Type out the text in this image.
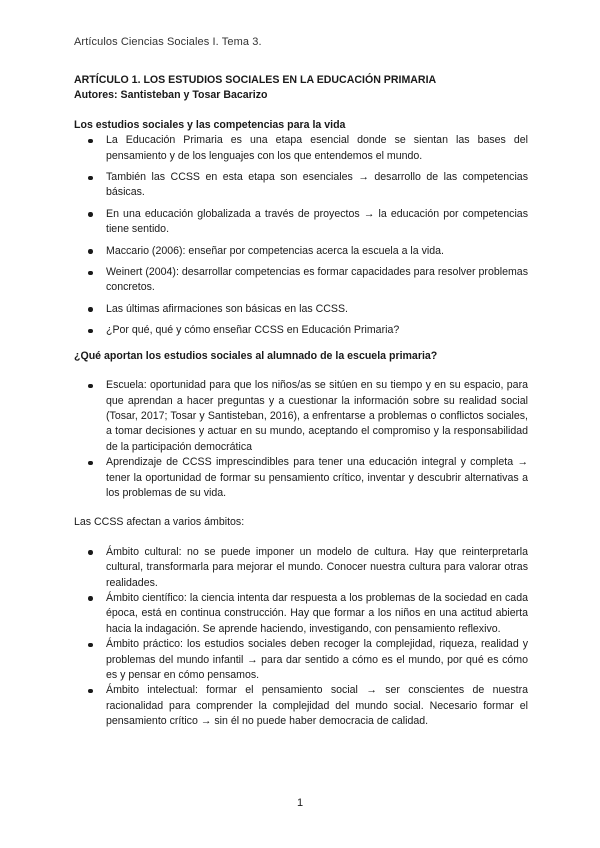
Artículos Ciencias Sociales I. Tema 3.
ARTÍCULO 1. LOS ESTUDIOS SOCIALES EN LA EDUCACIÓN PRIMARIA
Autores: Santisteban y Tosar Bacarizo
Los estudios sociales y las competencias para la vida
La Educación Primaria es una etapa esencial donde se sientan las bases del pensamiento y de los lenguajes con los que entendemos el mundo.
También las CCSS en esta etapa son esenciales → desarrollo de las competencias básicas.
En una educación globalizada a través de proyectos → la educación por competencias tiene sentido.
Maccario (2006): enseñar por competencias acerca la escuela a la vida.
Weinert (2004): desarrollar competencias es formar capacidades para resolver problemas concretos.
Las últimas afirmaciones son básicas en las CCSS.
¿Por qué, qué y cómo enseñar CCSS en Educación Primaria?
¿Qué aportan los estudios sociales al alumnado de la escuela primaria?
Escuela: oportunidad para que los niños/as se sitúen en su tiempo y en su espacio, para que aprendan a hacer preguntas y a cuestionar la información sobre su realidad social (Tosar, 2017; Tosar y Santisteban, 2016), a enfrentarse a problemas o conflictos sociales, a tomar decisiones y actuar en su mundo, aceptando el compromiso y la responsabilidad de la participación democrática
Aprendizaje de CCSS imprescindibles para tener una educación integral y completa → tener la oportunidad de formar su pensamiento crítico, inventar y descubrir alternativas a los problemas de su vida.
Las CCSS afectan a varios ámbitos:
Ámbito cultural: no se puede imponer un modelo de cultura. Hay que reinterpretarla cultural, transformarla para mejorar el mundo. Conocer nuestra cultura para valorar otras realidades.
Ámbito científico: la ciencia intenta dar respuesta a los problemas de la sociedad en cada época, está en continua construcción. Hay que formar a los niños en una actitud abierta hacia la indagación. Se aprende haciendo, investigando, con pensamiento reflexivo.
Ámbito práctico: los estudios sociales deben recoger la complejidad, riqueza, realidad y problemas del mundo infantil → para dar sentido a cómo es el mundo, por qué es cómo es y pensar en cómo pensamos.
Ámbito intelectual: formar el pensamiento social → ser conscientes de nuestra racionalidad para comprender la complejidad del mundo social. Necesario formar el pensamiento crítico → sin él no puede haber democracia de calidad.
1
